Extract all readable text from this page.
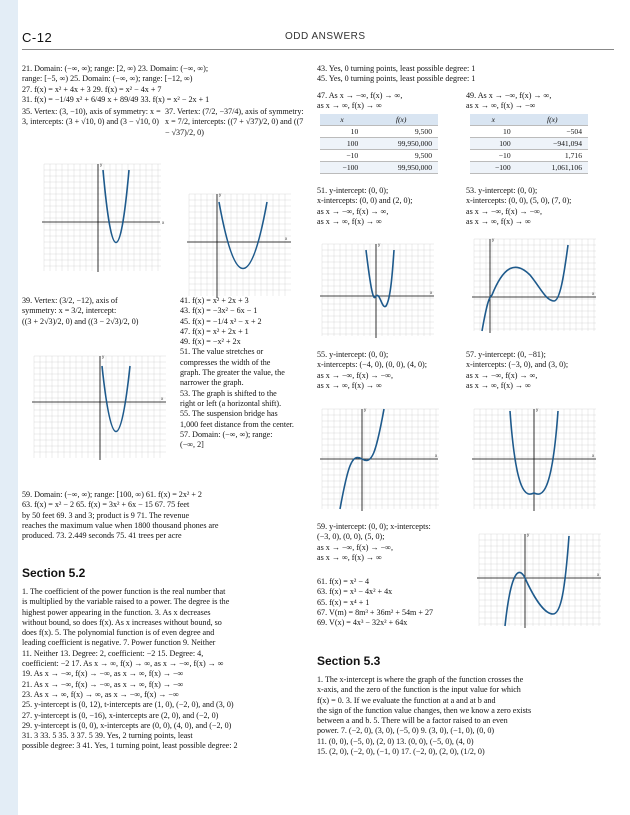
C-12	ODD ANSWERS

21. Domain: (−∞, ∞); range: [2, ∞) 23. Domain: (−∞, ∞);

range: [−5, ∞) 25. Domain: (−∞, ∞); range: [−12, ∞)

27. f(x) = x² + 4x + 3 29. f(x) = x² − 4x + 7

31. f(x) = −1/49 x² + 6/49 x + 89/49 33. f(x) = x² − 2x + 1

35. Vertex: (3, −10), axis of symmetry: x = 3, intercepts: (3 + √10, 0) and (3 − √10, 0)
37. Vertex: (7/2, −37/4), axis of symmetry: x = 7/2, intercepts: ((7 + √37)/2, 0) and ((7 − √37)/2, 0)
x
y
x
y

39. Vertex: (3/2, −12), axis of

symmetry: x = 3/2, intercept:

((3 + 2√3)/2, 0) and ((3 − 2√3)/2, 0)

x
y

41. f(x) = x² + 2x + 3

43. f(x) = −3x² − 6x − 1

45. f(x) = −1/4 x² − x + 2

47. f(x) = x² + 2x + 1

49. f(x) = −x² + 2x

51. The value stretches or

compresses the width of the

graph. The greater the value, the

narrower the graph.

53. The graph is shifted to the

right or left (a horizontal shift).

55. The suspension bridge has

1,000 feet distance from the center.

57. Domain: (−∞, ∞); range:

(−∞, 2]

59. Domain: (−∞, ∞); range: [100, ∞) 61. f(x) = 2x² + 2

63. f(x) = x² − 2 65. f(x) = 3x² + 6x − 15 67. 75 feet

by 50 feet 69. 3 and 3; product is 9 71. The revenue

reaches the maximum value when 1800 thousand phones are

produced. 73. 2.449 seconds 75. 41 trees per acre

Section 5.2

1. The coefficient of the power function is the real number that

is multiplied by the variable raised to a power. The degree is the

highest power appearing in the function. 3. As x decreases

without bound, so does f(x). As x increases without bound, so

does f(x). 5. The polynomial function is of even degree and

leading coefficient is negative. 7. Power function 9. Neither

11. Neither 13. Degree: 2, coefficient: −2 15. Degree: 4,

coefficient: −2 17. As x → ∞, f(x) → ∞, as x → −∞, f(x) → ∞

19. As x → −∞, f(x) → −∞, as x → ∞, f(x) → −∞

21. As x → −∞, f(x) → −∞, as x → ∞, f(x) → −∞

23. As x → ∞, f(x) → ∞, as x → −∞, f(x) → −∞

25. y-intercept is (0, 12), t-intercepts are (1, 0), (−2, 0), and (3, 0)

27. y-intercept is (0, −16), x-intercepts are (2, 0), and (−2, 0)

29. y-intercept is (0, 0), x-intercepts are (0, 0), (4, 0), and (−2, 0)

31. 3 33. 5 35. 3 37. 5 39. Yes, 2 turning points, least

possible degree: 3 41. Yes, 1 turning point, least possible degree: 2

43. Yes, 0 turning points, least possible degree: 1

45. Yes, 0 turning points, least possible degree: 1

47. As x → −∞, f(x) → ∞,

as x → ∞, f(x) → ∞

49. As x → −∞, f(x) → ∞,

as x → ∞, f(x) → −∞

x	f(x)
10	9,500
100	99,950,000
−10	9,500
−100	99,950,000
x	f(x)
10	−504
100	−941,094
−10	1,716
−100	1,061,106

51. y-intercept: (0, 0);

x-intercepts: (0, 0) and (2, 0);

as x → −∞, f(x) → ∞,

as x → ∞, f(x) → ∞

53. y-intercept: (0, 0);

x-intercepts: (0, 0), (5, 0), (7, 0);

as x → −∞, f(x) → −∞,

as x → ∞, f(x) → ∞

x
y
x
y

55. y-intercept: (0, 0);

x-intercepts: (−4, 0), (0, 0), (4, 0);

as x → −∞, f(x) → −∞,

as x → ∞, f(x) → ∞

57. y-intercept: (0, −81);

x-intercepts: (−3, 0), and (3, 0);

as x → −∞, f(x) → ∞,

as x → ∞, f(x) → ∞

x
y
x
y

59. y-intercept: (0, 0); x-intercepts:

(−3, 0), (0, 0), (5, 0);

as x → −∞, f(x) → −∞,

as x → ∞, f(x) → ∞

x
y

61. f(x) = x² − 4

63. f(x) = x³ − 4x² + 4x

65. f(x) = x⁴ + 1

67. V(m) = 8m³ + 36m² + 54m + 27

69. V(x) = 4x³ − 32x² + 64x

Section 5.3

1. The x-intercept is where the graph of the function crosses the

x-axis, and the zero of the function is the input value for which

f(x) = 0. 3. If we evaluate the function at a and at b and

the sign of the function value changes, then we know a zero exists

between a and b. 5. There will be a factor raised to an even

power. 7. (−2, 0), (3, 0), (−5, 0) 9. (3, 0), (−1, 0), (0, 0)

11. (0, 0), (−5, 0), (2, 0) 13. (0, 0), (−5, 0), (4, 0)

15. (2, 0), (−2, 0), (−1, 0) 17. (−2, 0), (2, 0), (1/2, 0)
